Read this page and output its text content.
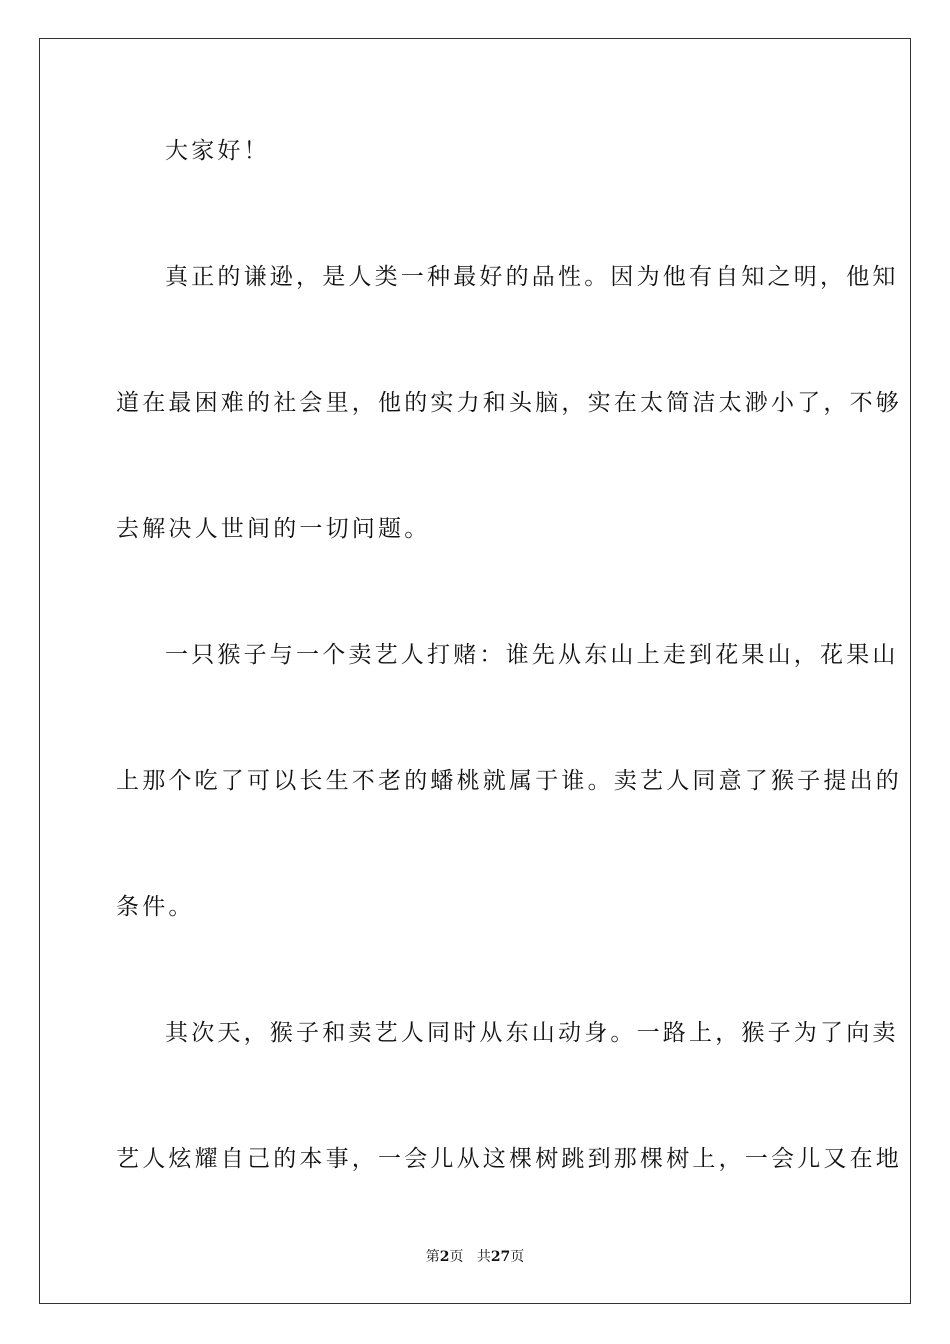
大家好！
真正的谦逊，是人类一种最好的品性。因为他有自知之明，他知
道在最困难的社会里，他的实力和头脑，实在太简洁太渺小了，不够
去解决人世间的一切问题。
一只猴子与一个卖艺人打赌：谁先从东山上走到花果山，花果山
上那个吃了可以长生不老的蟠桃就属于谁。卖艺人同意了猴子提出的
条件。
其次天，猴子和卖艺人同时从东山动身。一路上，猴子为了向卖
艺人炫耀自己的本事，一会儿从这棵树跳到那棵树上，一会儿又在地
第2页 共27页
